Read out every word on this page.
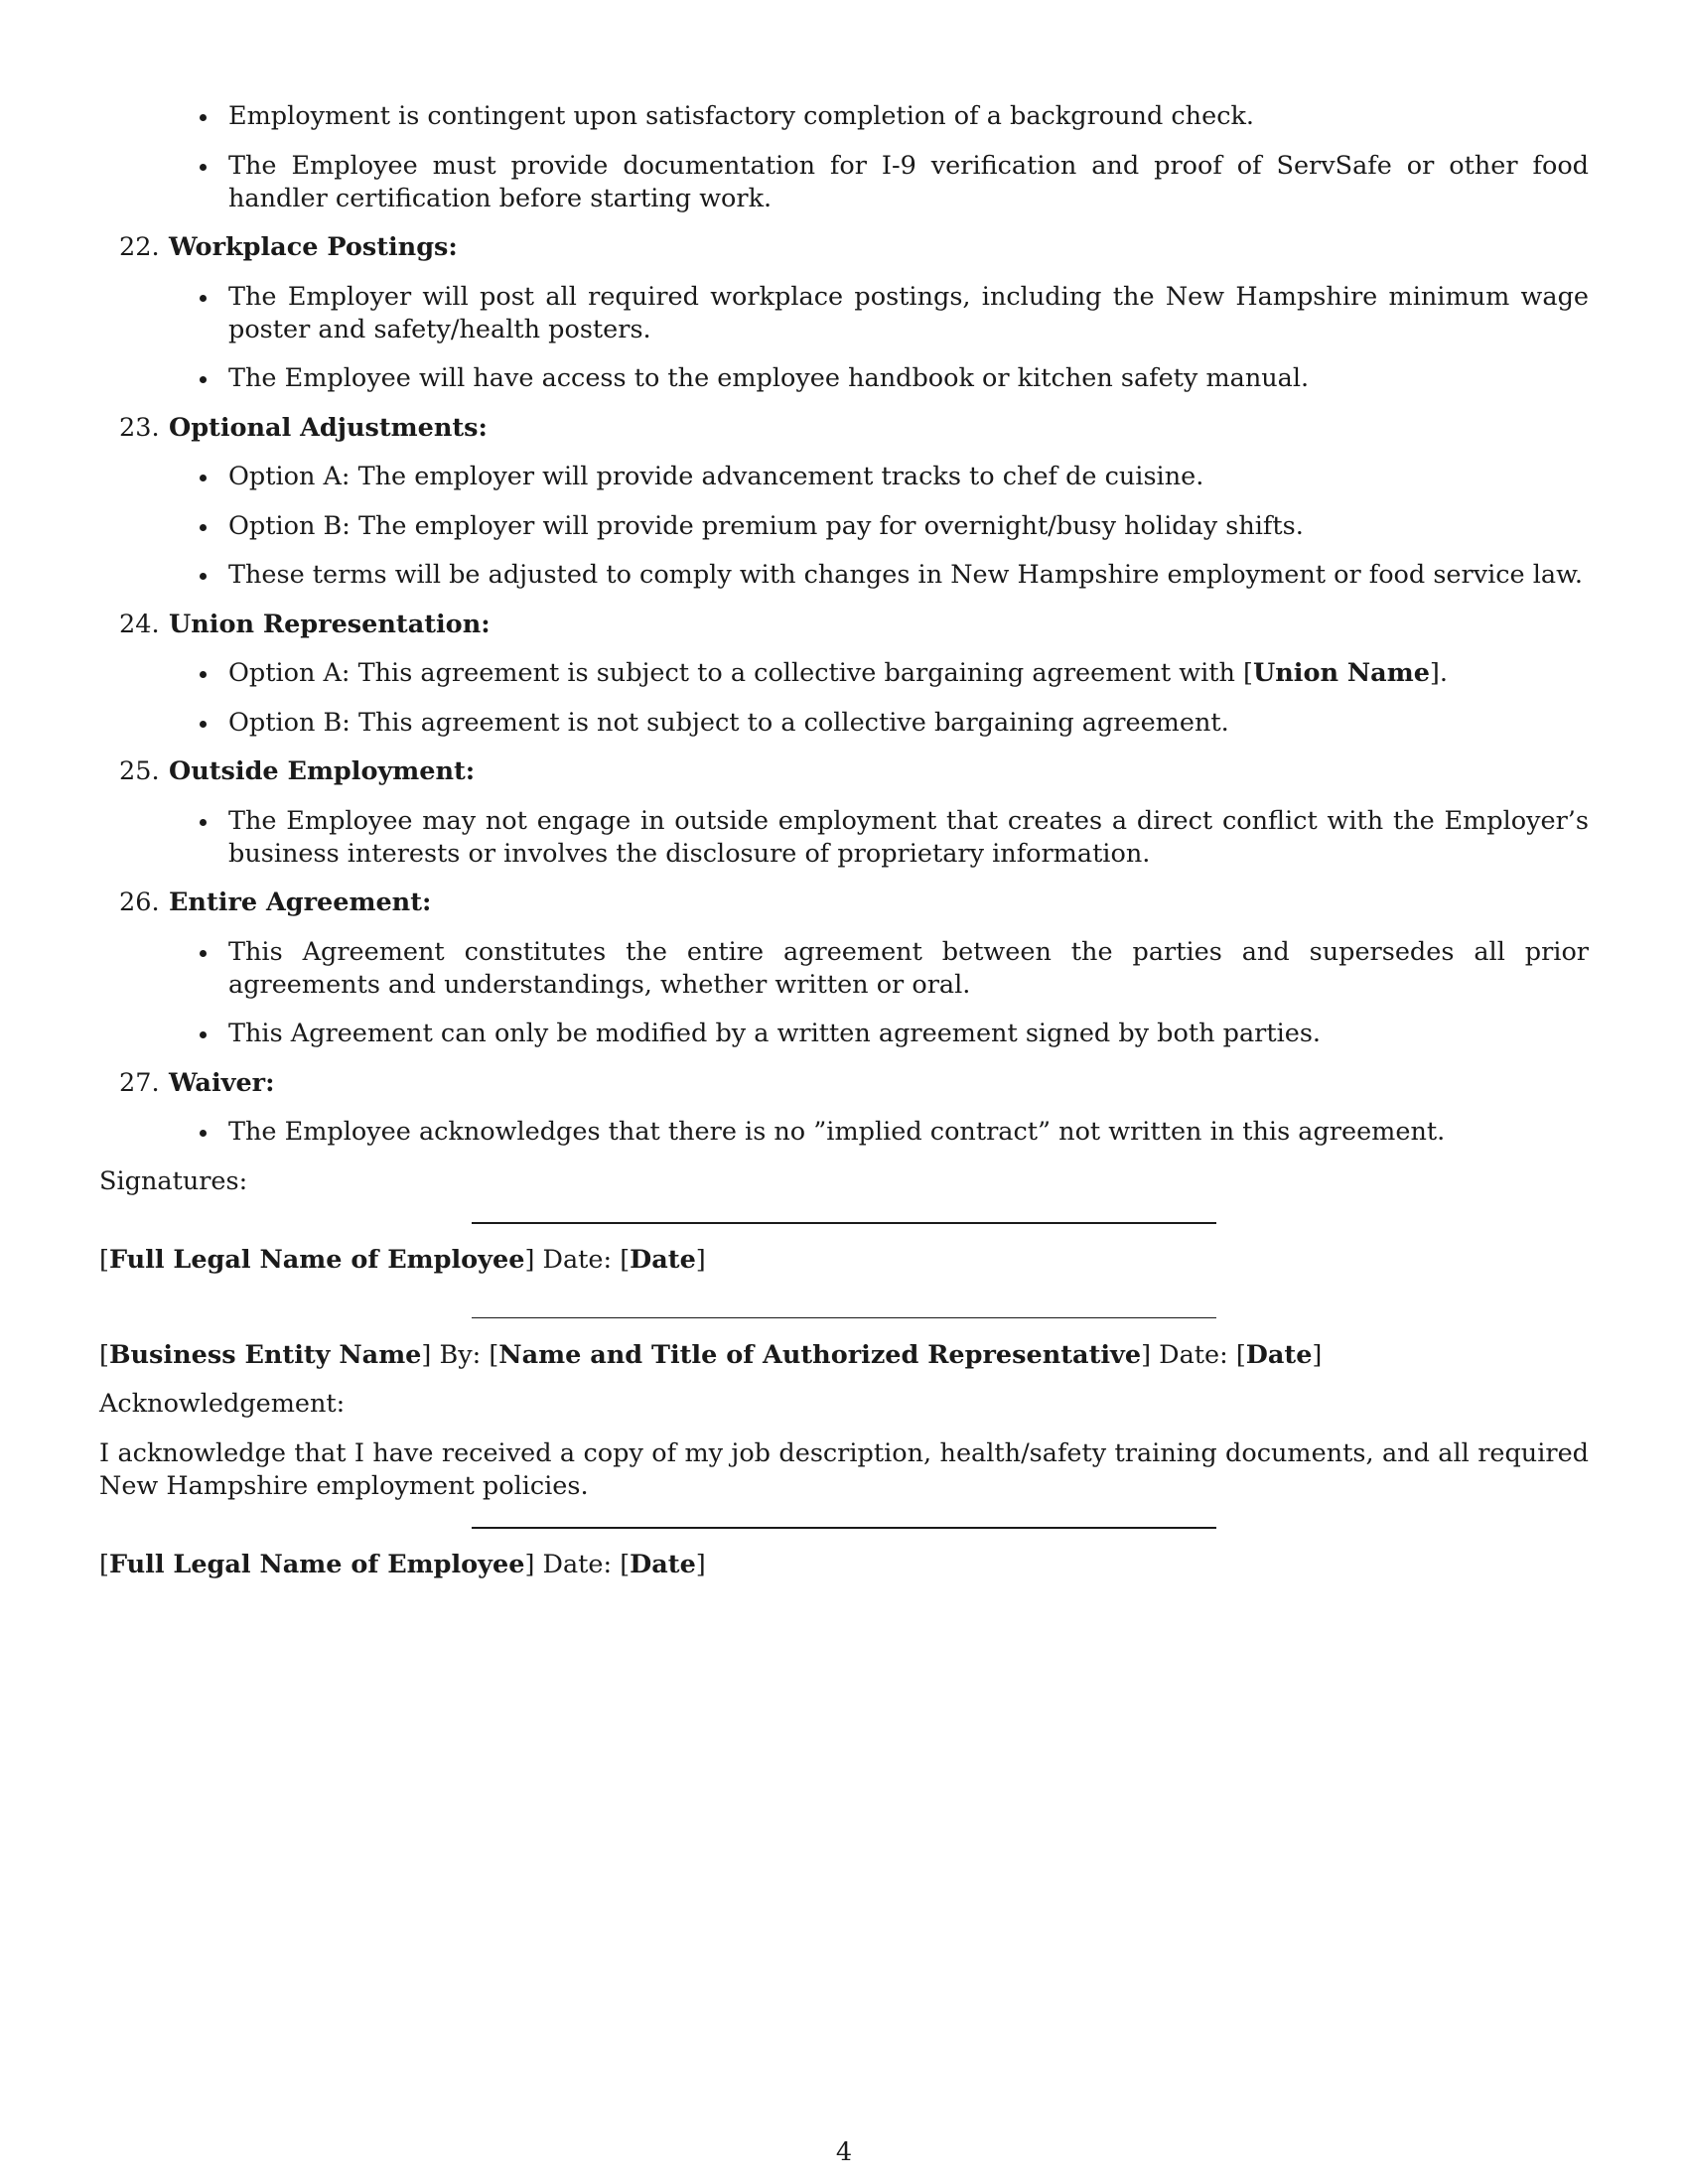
Employment is contingent upon satisfactory completion of a background check.
The Employee must provide documentation for I-9 verification and proof of ServSafe or other food handler certification before starting work.
22. Workplace Postings:
The Employer will post all required workplace postings, including the New Hampshire minimum wage poster and safety/health posters.
The Employee will have access to the employee handbook or kitchen safety manual.
23. Optional Adjustments:
Option A: The employer will provide advancement tracks to chef de cuisine.
Option B: The employer will provide premium pay for overnight/busy holiday shifts.
These terms will be adjusted to comply with changes in New Hampshire employment or food service law.
24. Union Representation:
Option A: This agreement is subject to a collective bargaining agreement with [Union Name].
Option B: This agreement is not subject to a collective bargaining agreement.
25. Outside Employment:
The Employee may not engage in outside employment that creates a direct conflict with the Employer’s business interests or involves the disclosure of proprietary information.
26. Entire Agreement:
This Agreement constitutes the entire agreement between the parties and supersedes all prior agreements and understandings, whether written or oral.
This Agreement can only be modified by a written agreement signed by both parties.
27. Waiver:
The Employee acknowledges that there is no ”implied contract” not written in this agreement.

Signatures:

[Full Legal Name of Employee] Date: [Date]

[Business Entity Name] By: [Name and Title of Authorized Representative] Date: [Date]

Acknowledgement:

I acknowledge that I have received a copy of my job description, health/safety training documents, and all required New Hampshire employment policies.

[Full Legal Name of Employee] Date: [Date]

4
